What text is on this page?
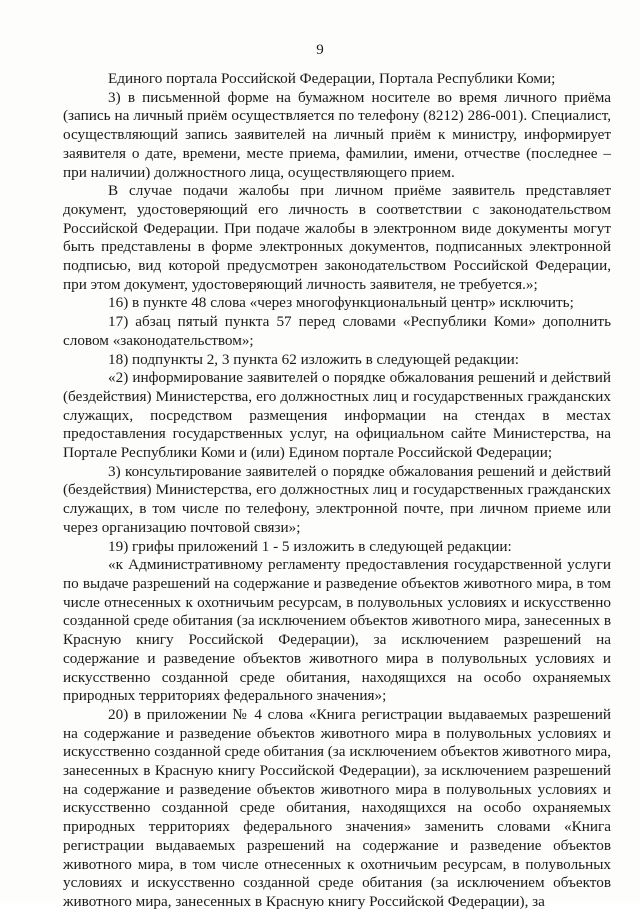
9

Единого портала Российской Федерации, Портала Республики Коми;

3) в письменной форме на бумажном носителе во время личного приёма (запись на личный приём осуществляется по телефону (8212) 286-001). Специалист, осуществляющий запись заявителей на личный приём к министру, информирует заявителя о дате, времени, месте приема, фамилии, имени, отчестве (последнее – при наличии) должностного лица, осуществляющего прием.

В случае подачи жалобы при личном приёме заявитель представляет документ, удостоверяющий его личность в соответствии с законодательством Российской Федерации. При подаче жалобы в электронном виде документы могут быть представлены в форме электронных документов, подписанных электронной подписью, вид которой предусмотрен законодательством Российской Федерации, при этом документ, удостоверяющий личность заявителя, не требуется.»;

16) в пункте 48 слова «через многофункциональный центр» исключить;

17) абзац пятый пункта 57 перед словами «Республики Коми» дополнить словом «законодательством»;

18) подпункты 2, 3 пункта 62 изложить в следующей редакции:

«2) информирование заявителей о порядке обжалования решений и действий (бездействия) Министерства, его должностных лиц и государственных гражданских служащих, посредством размещения информации на стендах в местах предоставления государственных услуг, на официальном сайте Министерства, на Портале Республики Коми и (или) Едином портале Российской Федерации;

3) консультирование заявителей о порядке обжалования решений и действий (бездействия) Министерства, его должностных лиц и государственных гражданских служащих, в том числе по телефону, электронной почте, при личном приеме или через организацию почтовой связи»;

19) грифы приложений 1 - 5 изложить в следующей редакции:

«к Административному регламенту предоставления государственной услуги по выдаче разрешений на содержание и разведение объектов животного мира, в том числе отнесенных к охотничьим ресурсам, в полувольных условиях и искусственно созданной среде обитания (за исключением объектов животного мира, занесенных в Красную книгу Российской Федерации), за исключением разрешений на содержание и разведение объектов животного мира в полувольных условиях и искусственно созданной среде обитания, находящихся на особо охраняемых природных территориях федерального значения»;

20) в приложении № 4 слова «Книга регистрации выдаваемых разрешений на содержание и разведение объектов животного мира в полувольных условиях и искусственно созданной среде обитания (за исключением объектов животного мира, занесенных в Красную книгу Российской Федерации), за исключением разрешений на содержание и разведение объектов животного мира в полувольных условиях и искусственно созданной среде обитания, находящихся на особо охраняемых природных территориях федерального значения» заменить словами «Книга регистрации выдаваемых разрешений на содержание и разведение объектов животного мира, в том числе отнесенных к охотничьим ресурсам, в полувольных условиях и искусственно созданной среде обитания (за исключением объектов животного мира, занесенных в Красную книгу Российской Федерации), за
